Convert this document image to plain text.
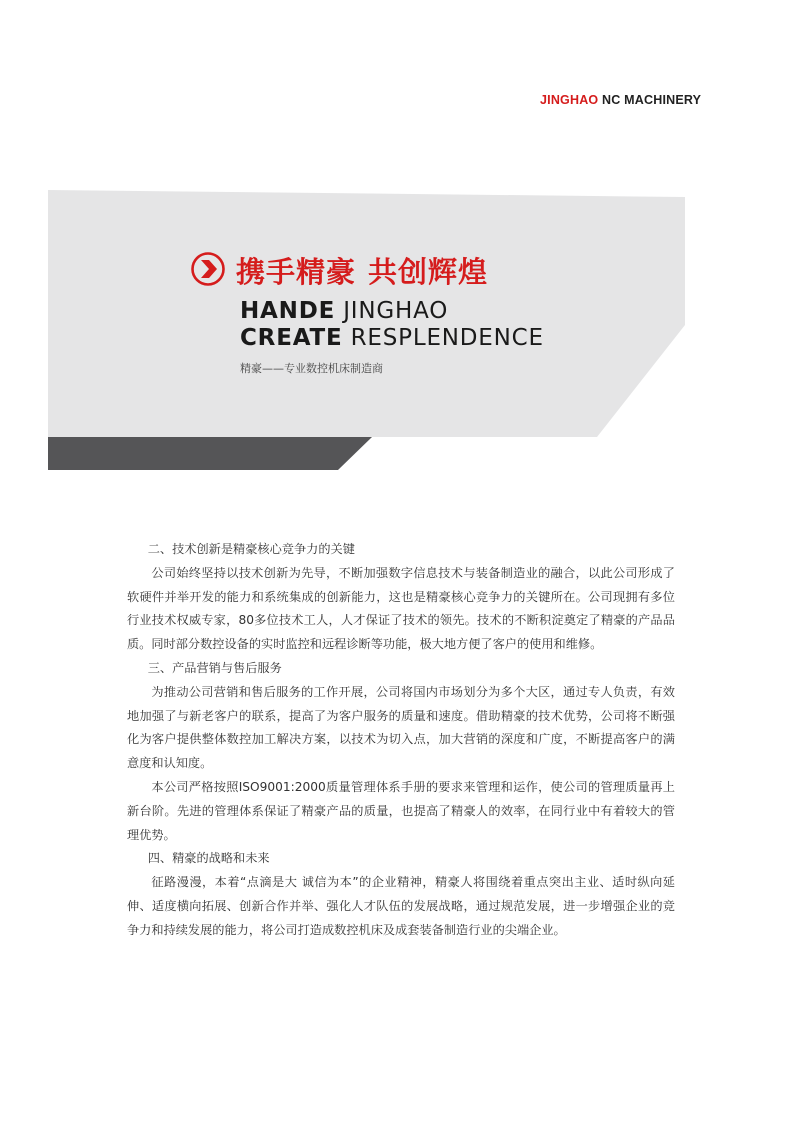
JINGHAO NC MACHINERY
携手精豪 共创辉煌
HANDE JINGHAO
CREATE RESPLENDENCE
精豪——专业数控机床制造商
二、技术创新是精豪核心竞争力的关键

公司始终坚持以技术创新为先导，不断加强数字信息技术与装备制造业的融合，以此公司形成了软硬件并举开发的能力和系统集成的创新能力，这也是精豪核心竞争力的关键所在。公司现拥有多位行业技术权威专家，80多位技术工人，人才保证了技术的领先。技术的不断积淀奠定了精豪的产品品质。同时部分数控设备的实时监控和远程诊断等功能，极大地方便了客户的使用和维修。

三、产品营销与售后服务

为推动公司营销和售后服务的工作开展，公司将国内市场划分为多个大区，通过专人负责，有效地加强了与新老客户的联系，提高了为客户服务的质量和速度。借助精豪的技术优势，公司将不断强化为客户提供整体数控加工解决方案，以技术为切入点，加大营销的深度和广度，不断提高客户的满意度和认知度。

本公司严格按照ISO9001:2000质量管理体系手册的要求来管理和运作，使公司的管理质量再上新台阶。先进的管理体系保证了精豪产品的质量，也提高了精豪人的效率，在同行业中有着较大的管理优势。

四、精豪的战略和未来

征路漫漫，本着“点滴是大 诚信为本”的企业精神，精豪人将围绕着重点突出主业、适时纵向延伸、适度横向拓展、创新合作并举、强化人才队伍的发展战略，通过规范发展，进一步增强企业的竞争力和持续发展的能力，将公司打造成数控机床及成套装备制造行业的尖端企业。
